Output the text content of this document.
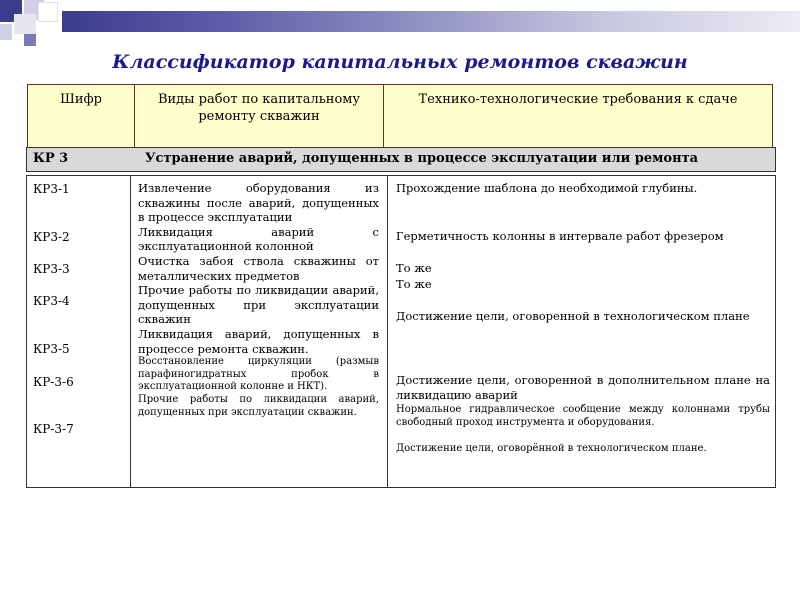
Классификатор капитальных ремонтов скважин
Шифр	Виды работ по капитальному ремонту скважин
Технико-технологические требования к сдаче
КР 3	Устранение аварий, допущенных в процессе эксплуатации или ремонта
КР3-1
КР3-2
КР3-3
КР3-4
КР3-5
КР-3-6
КР-3-7

Извлечение оборудования из скважины после аварий, допущенных в процессе эксплуатации

Ликвидация аварий с эксплуатационной колонной

Очистка забоя ствола скважины от металлических предметов

Прочие работы по ликвидации аварий, допущенных при эксплуатации скважин

Ликвидация аварий, допущенных в процессе ремонта скважин.

Восстановление циркуляции (размыв парафиногидратных пробок в эксплуатационной колонне и НКТ).

Прочие работы по ликвидации аварий, допущенных при эксплуатации скважин.

Прохождение шаблона до необходимой глубины.
Герметичность колонны в интервале работ фрезером
То же
То же
Достижение цели, оговоренной в технологическом плане
Достижение цели, оговоренной в дополнительном плане на ликвидацию аварий
Нормальное гидравлическое сообщение между колоннами трубы свободный проход инструмента и оборудования.
Достижение цели, оговорённой в технологическом плане.
